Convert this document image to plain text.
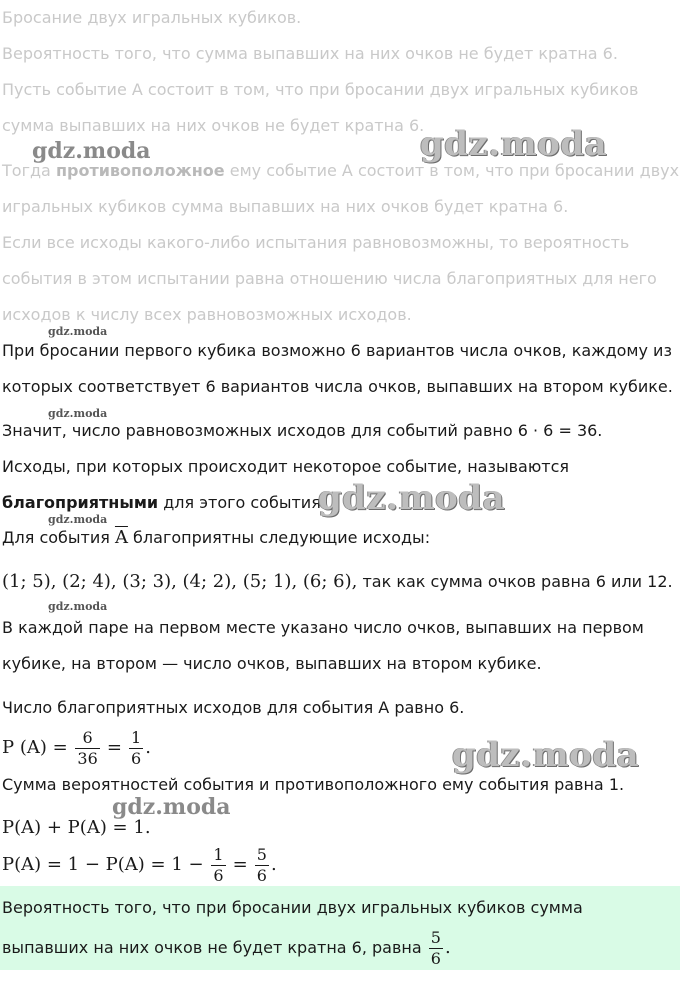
Бросание двух игральных кубиков.
Вероятность того, что сумма выпавших на них очков не будет кратна 6.
Пусть событие A состоит в том, что при бросании двух игральных кубиков
сумма выпавших на них очков не будет кратна 6.
Тогда противоположное ему событие A состоит в том, что при бросании двух
игральных кубиков сумма выпавших на них очков будет кратна 6.
Если все исходы какого-либо испытания равновозможны, то вероятность
события в этом испытании равна отношению числа благоприятных для него
исходов к числу всех равновозможных исходов.
При бросании первого кубика возможно 6 вариантов числа очков, каждому из
которых соответствует 6 вариантов числа очков, выпавших на втором кубике.
Значит, число равновозможных исходов для событий равно 6 · 6 = 36.
Исходы, при которых происходит некоторое событие, называются
благоприятными для этого события.
Для события $\overline{A}$ благоприятны следующие исходы:
(1; 5), (2; 4), (3; 3), (4; 2), (5; 1), (6; 6), так как сумма очков равна 6 или 12.
В каждой паре на первом месте указано число очков, выпавших на первом
кубике, на втором — число очков, выпавших на втором кубике.
Число благоприятных исходов для события A равно 6.
P $(A) = \frac{6}{36} = \frac{1}{6}$ .
Сумма вероятностей события и противоположного ему события равна 1.
P(A) + P(A) = 1.
$P(A) = 1 - P(A) = 1 - \frac{1}{6} = \frac{5}{6}$ .
Вероятность того, что при бросании двух игральных кубиков сумма
выпавших на них очков не будет кратна 6, равна $\frac{5}{6}$ .
gdz.moda
gdz.moda
gdz.moda
gdz.moda
gdz.moda
gdz.moda
gdz.moda
gdz.moda
gdz.moda
